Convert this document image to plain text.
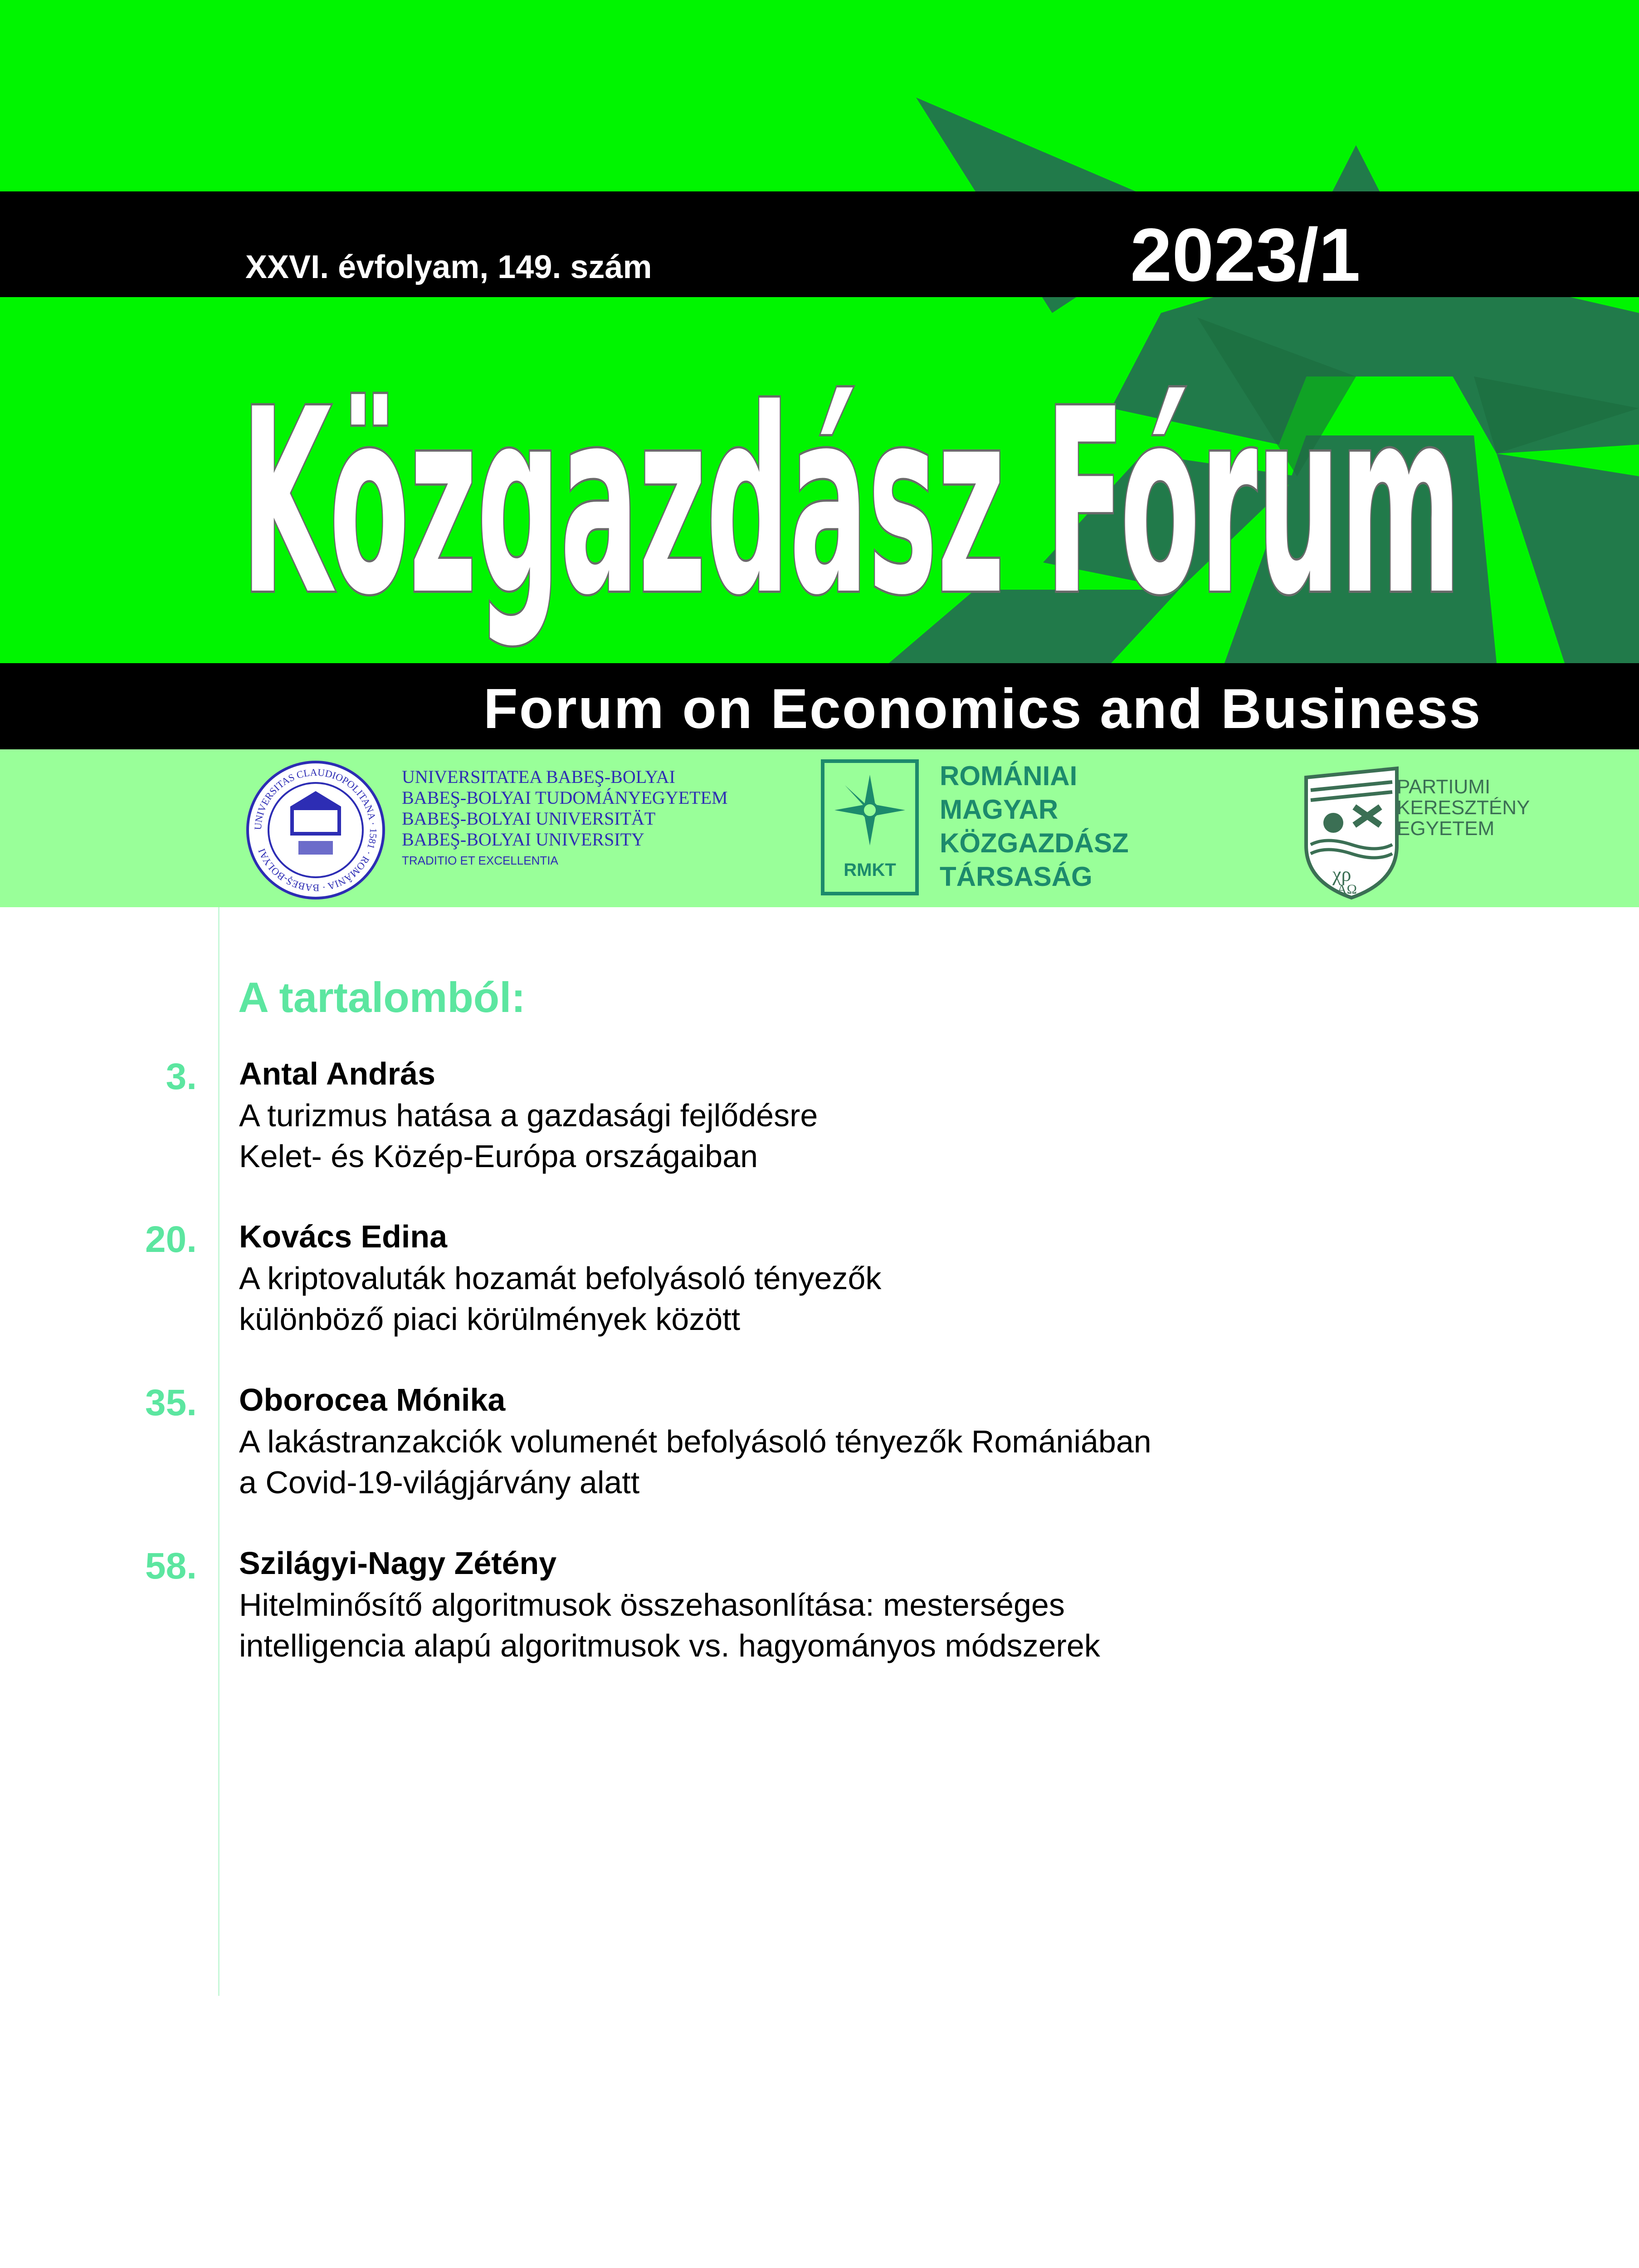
XXVI. évfolyam, 149. szám	2023/1
Közgazdász Fórum
Forum on Economics and Business
UNIVERSITAS CLAUDIOPOLITANA · 1581 · ROMÂNIA · BABEŞ-BOLYAI
UNIVERSITATEA BABEŞ-BOLYAI
BABEŞ-BOLYAI TUDOMÁNYEGYETEM
BABEŞ-BOLYAI UNIVERSITÄT
BABEŞ-BOLYAI UNIVERSITY
TRADITIO ET EXCELLENTIA	RMKT
ROMÁNIAI
MAGYAR
KÖZGAZDÁSZ
TÁRSASÁG	χρ
ΑΩ
PARTIUMI
KERESZTÉNY
EGYETEM
A tartalomból:
3. Antal András
A turizmus hatása a gazdasági fejlődésre
Kelet- és Közép-Európa országaiban
20. Kovács Edina
A kriptovaluták hozamát befolyásoló tényezők
különböző piaci körülmények között
35. Oborocea Mónika
A lakástranzakciók volumenét befolyásoló tényezők Romániában
a Covid-19-világjárvány alatt
58. Szilágyi-Nagy Zétény
Hitelminősítő algoritmusok összehasonlítása: mesterséges
intelligencia alapú algoritmusok vs. hagyományos módszerek
